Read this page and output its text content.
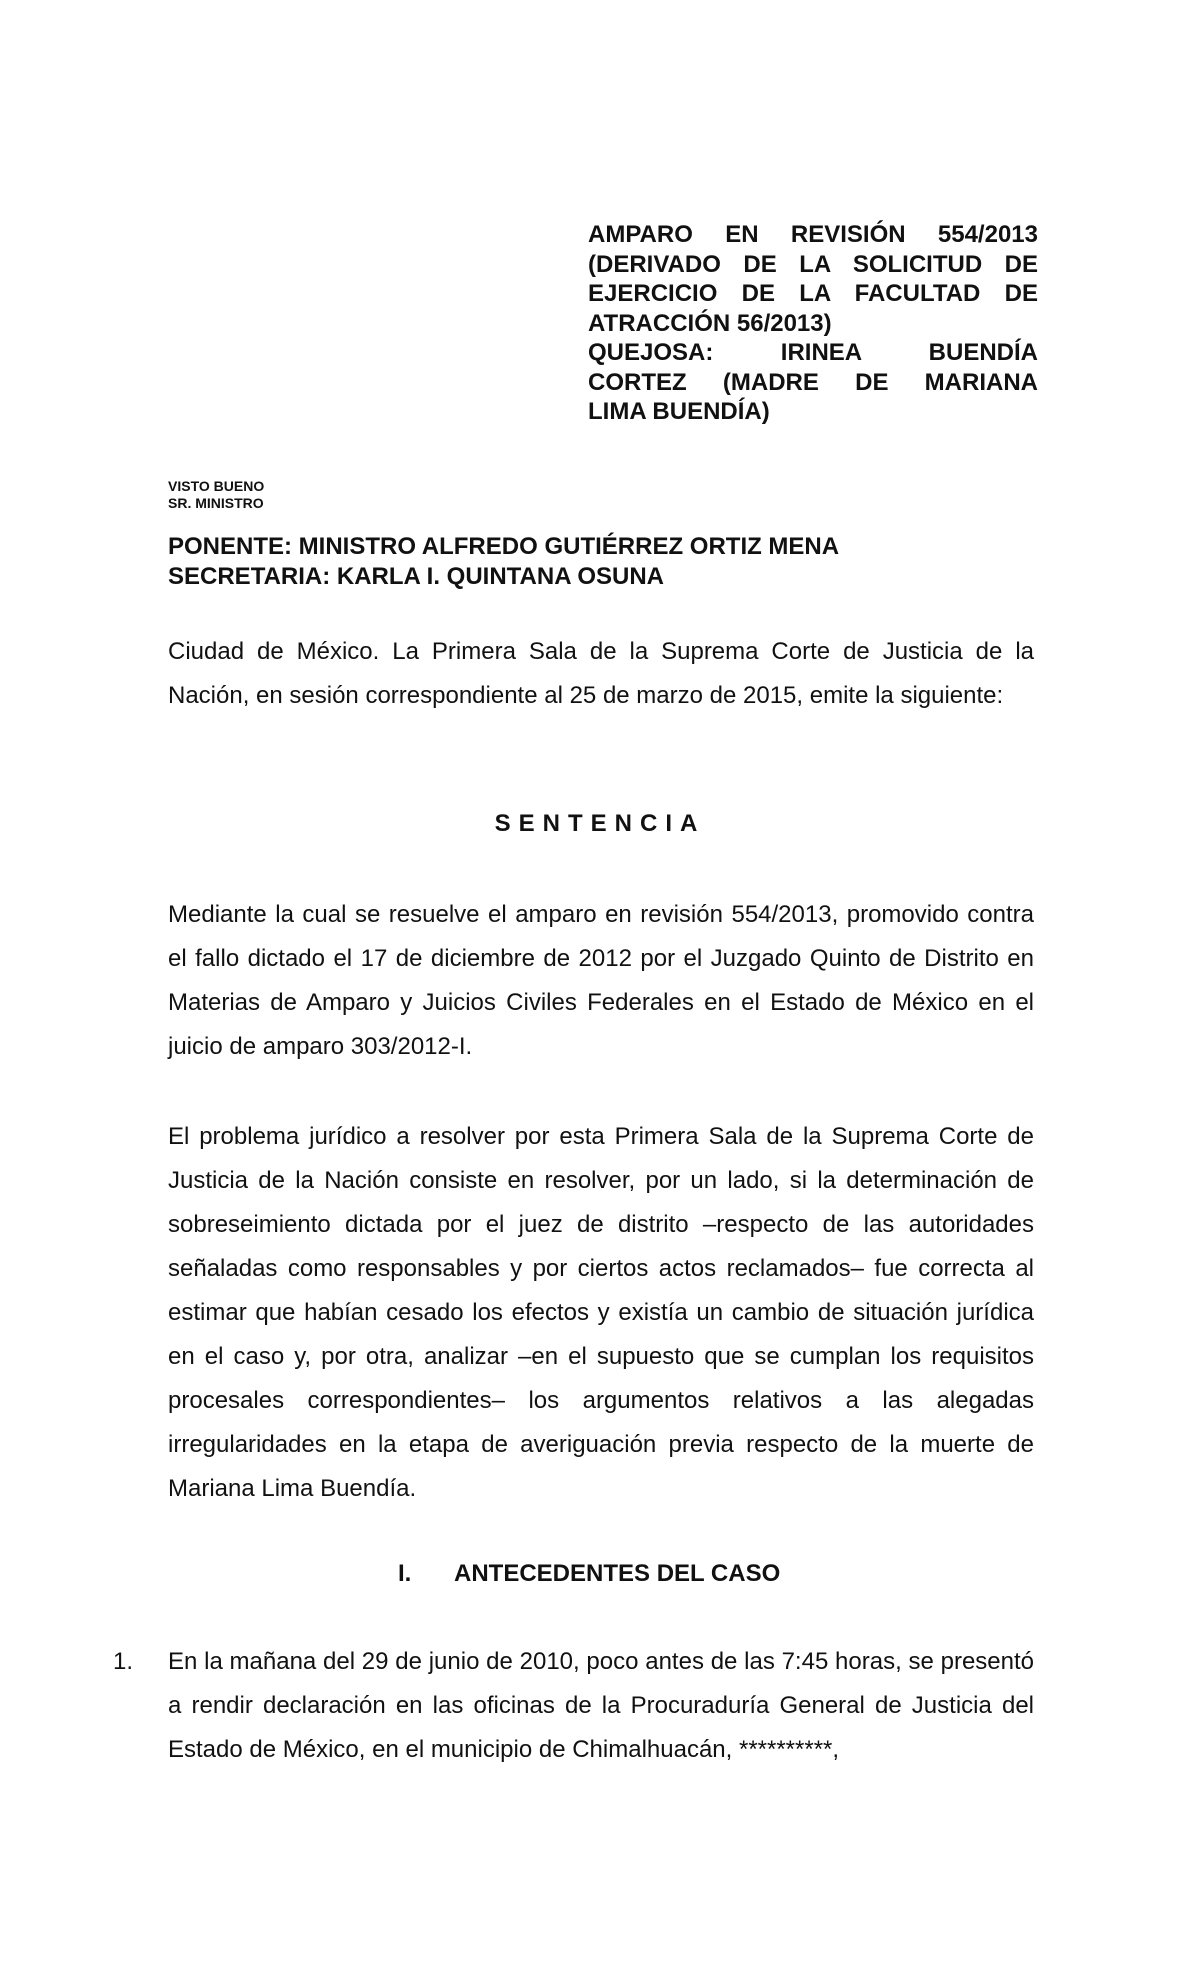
AMPARO EN REVISIÓN 554/2013
(DERIVADO DE LA SOLICITUD DE
EJERCICIO DE LA FACULTAD DE
ATRACCIÓN 56/2013)
QUEJOSA: IRINEA BUENDÍA
CORTEZ (MADRE DE MARIANA
LIMA BUENDÍA)
VISTO BUENO
SR. MINISTRO
PONENTE: MINISTRO ALFREDO GUTIÉRREZ ORTIZ MENA
SECRETARIA: KARLA I. QUINTANA OSUNA

Ciudad de México. La Primera Sala de la Suprema Corte de Justicia de la Nación, en sesión correspondiente al 25 de marzo de 2015, emite la siguiente:

SENTENCIA

Mediante la cual se resuelve el amparo en revisión 554/2013, promovido contra el fallo dictado el 17 de diciembre de 2012 por el Juzgado Quinto de Distrito en Materias de Amparo y Juicios Civiles Federales en el Estado de México en el juicio de amparo 303/2012-I.

El problema jurídico a resolver por esta Primera Sala de la Suprema Corte de Justicia de la Nación consiste en resolver, por un lado, si la determinación de sobreseimiento dictada por el juez de distrito –respecto de las autoridades señaladas como responsables y por ciertos actos reclamados– fue correcta al estimar que habían cesado los efectos y existía un cambio de situación jurídica en el caso y, por otra, analizar –en el supuesto que se cumplan los requisitos procesales correspondientes– los argumentos relativos a las alegadas irregularidades en la etapa de averiguación previa respecto de la muerte de Mariana Lima Buendía.

I. ANTECEDENTES DEL CASO

1. En la mañana del 29 de junio de 2010, poco antes de las 7:45 horas, se presentó a rendir declaración en las oficinas de la Procuraduría General de Justicia del Estado de México, en el municipio de Chimalhuacán, **********,
